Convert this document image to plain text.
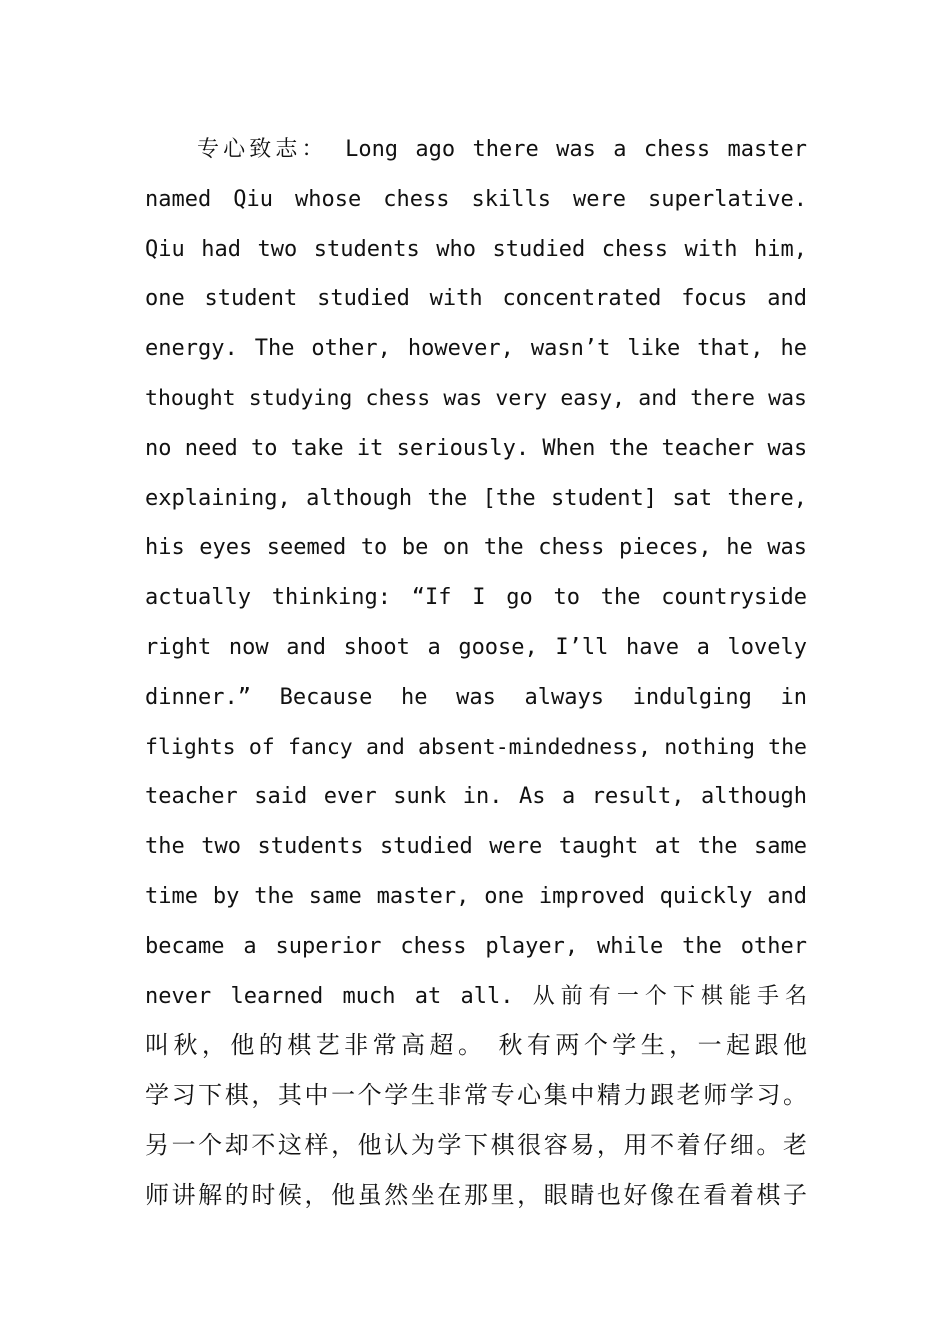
专心致志： Long ago there was a chess master
named Qiu whose chess skills were superlative.
Qiu had two students who studied chess with him,
one student studied with concentrated focus and
energy. The other, however, wasn’t like that, he
thought studying chess was very easy, and there was
no need to take it seriously. When the teacher was
explaining, although the [the student] sat there,
his eyes seemed to be on the chess pieces, he was
actually thinking: “If I go to the countryside
right now and shoot a goose, I’ll have a lovely
dinner.” Because he was always indulging in
flights of fancy and absent-mindedness, nothing the
teacher said ever sunk in. As a result, although
the two students studied were taught at the same
time by the same master, one improved quickly and
became a superior chess player, while the other
never learned much at all. 从前有一个下棋能手名
叫秋，他的棋艺非常高超。 秋有两个学生，一起跟他
学习下棋，其中一个学生非常专心集中精力跟老师学习。
另一个却不这样，他认为学下棋很容易，用不着仔细。老
师讲解的时候，他虽然坐在那里，眼睛也好像在看着棋子
